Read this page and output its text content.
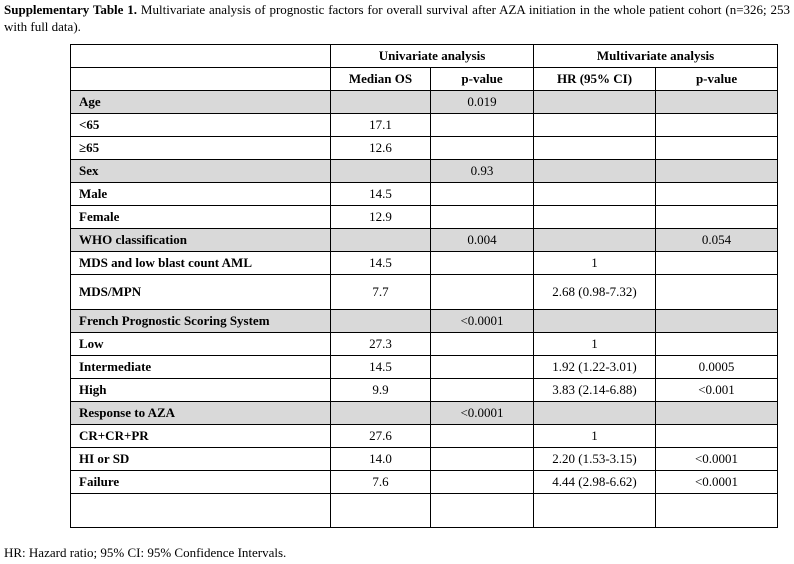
Supplementary Table 1. Multivariate analysis of prognostic factors for overall survival after AZA initiation in the whole patient cohort (n=326; 253 with full data).
	Univariate analysis		Multivariate analysis	
	Median OS	p-value	HR (95% CI)	p-value
Age		0.019		
<65	17.1			
≥65	12.6			
Sex		0.93		
Male	14.5			
Female	12.9			
WHO classification		0.004		0.054
MDS and low blast count AML	14.5		1	
MDS/MPN	7.7		2.68 (0.98-7.32)	
French Prognostic Scoring System		<0.0001		
Low	27.3		1	
Intermediate	14.5		1.92 (1.22-3.01)	0.0005
High	9.9		3.83 (2.14-6.88)	<0.001
Response to AZA		<0.0001		
CR+CR+PR	27.6		1	
HI or SD	14.0		2.20 (1.53-3.15)	<0.0001
Failure	7.6		4.44 (2.98-6.62)	<0.0001

HR: Hazard ratio; 95% CI: 95% Confidence Intervals.
